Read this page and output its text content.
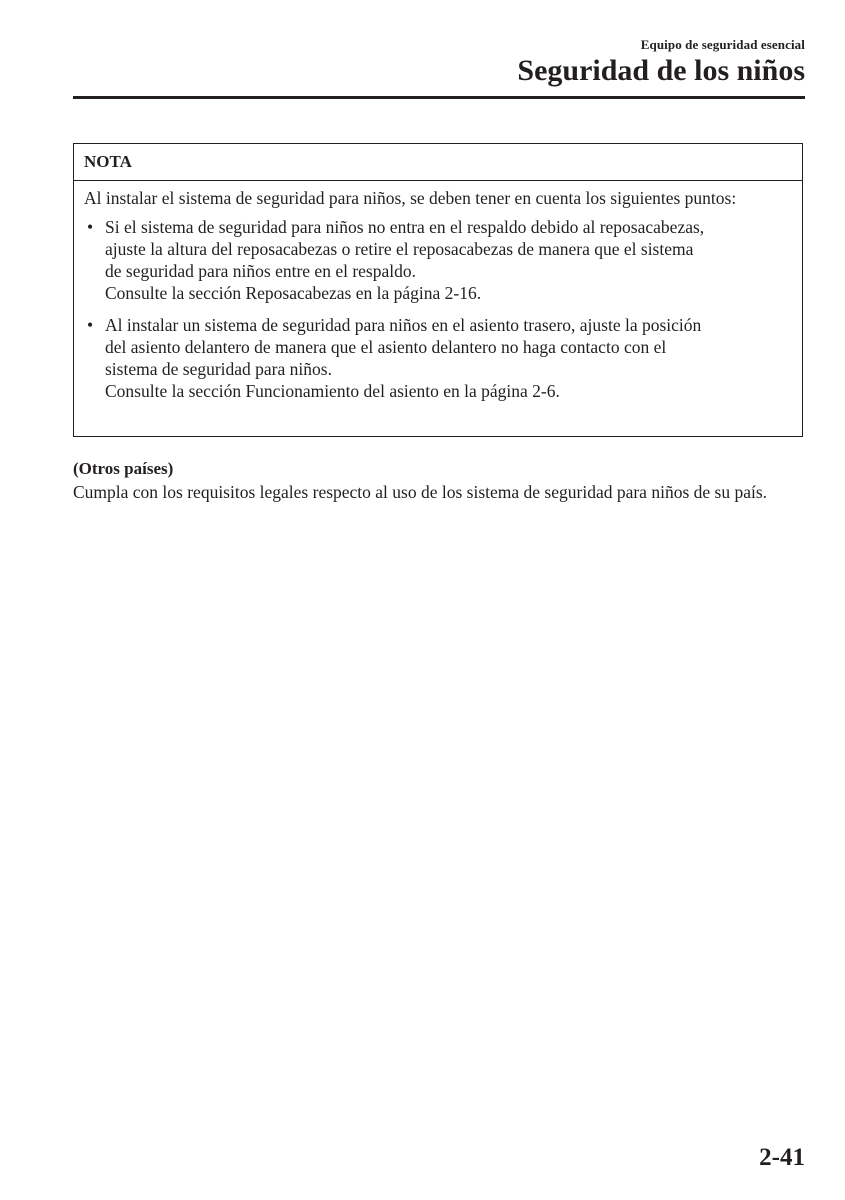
Equipo de seguridad esencial
Seguridad de los niños
NOTA

Al instalar el sistema de seguridad para niños, se deben tener en cuenta los siguientes puntos:

• Si el sistema de seguridad para niños no entra en el respaldo debido al reposacabezas,
ajuste la altura del reposacabezas o retire el reposacabezas de manera que el sistema
de seguridad para niños entre en el respaldo.
Consulte la sección Reposacabezas en la página 2-16.
• Al instalar un sistema de seguridad para niños en el asiento trasero, ajuste la posición
del asiento delantero de manera que el asiento delantero no haga contacto con el
sistema de seguridad para niños.
Consulte la sección Funcionamiento del asiento en la página 2-6.
(Otros países)
Cumpla con los requisitos legales respecto al uso de los sistema de seguridad para niños de su país.
2-41
